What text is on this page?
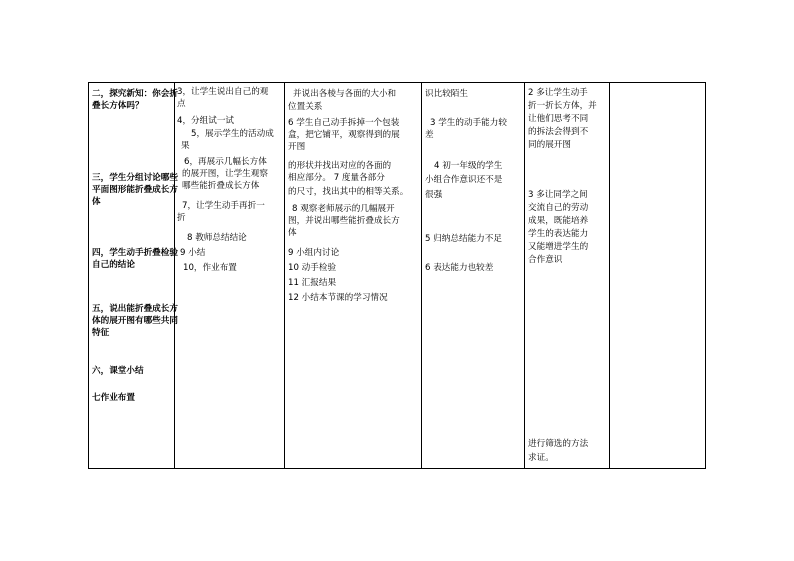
二，探究新知：你会折
叠长方体吗？
三，学生分组讨论哪些
平面图形能折叠成长方
体
四，学生动手折叠检验
自己的结论
五，说出能折叠成长方
体的展开图有哪些共同
特征
六，课堂小结
七作业布置

3，让学生说出自己的观
点
4，分组试一试
5，展示学生的活动成
果
6，再展示几幅长方体
的展开图，让学生观察
哪些能折叠成长方体
7，让学生动手再折一
折
8 教师总结结论
9 小结
10，作业布置

并说出各棱与各面的大小和
位置关系
6 学生自己动手拆掉一个包装
盒，把它铺平，观察得到的展
开图
的形状并找出对应的各面的
相应部分。 7 度量各部分
的尺寸，找出其中的相等关系。
8 观察老师展示的几幅展开
图，并说出哪些能折叠成长方
体
9 小组内讨论
10 动手检验
11 汇报结果
12 小结本节课的学习情况

识比较陌生
3 学生的动手能力较
差
4 初一年级的学生
小组合作意识还不是
很强
5 归纳总结能力不足
6 表达能力也较差

2 多让学生动手
折一折长方体，并
让他们思考不同
的拆法会得到不
同的展开图
3 多让同学之间
交流自己的劳动
成果，既能培养
学生的表达能力
又能增进学生的
合作意识
进行筛选的方法
求证。
